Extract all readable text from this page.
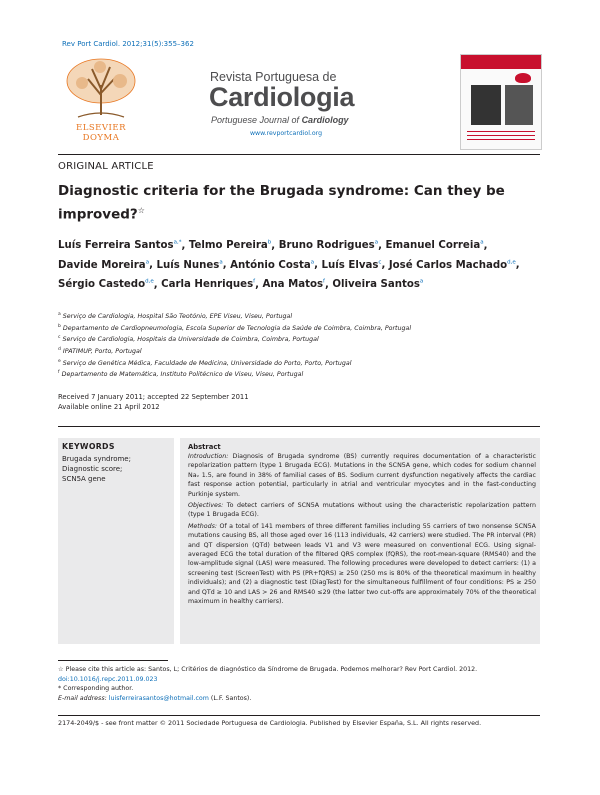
Rev Port Cardiol. 2012;31(5):355–362
ELSEVIER DOYMA
Revista Portuguesa de
Cardiologia
Portuguese Journal of Cardiology
www.revportcardiol.org
ORIGINAL ARTICLE
Diagnostic criteria for the Brugada syndrome: Can they be improved?☆
Luís Ferreira Santos$^{a,*}$, Telmo Pereira$^b$, Bruno Rodrigues$^a$, Emanuel Correia$^a$, Davide Moreira$^a$, Luís Nunes$^a$, António Costa$^a$, Luís Elvas$^c$, José Carlos Machado$^{d,e}$, Sérgio Castedo$^{d,e}$, Carla Henriques$^f$, Ana Matos$^f$, Oliveira Santos$^a$
$^a$ Serviço de Cardiologia, Hospital São Teotónio, EPE Viseu, Viseu, Portugal
$^b$ Departamento de Cardiopneumologia, Escola Superior de Tecnologia da Saúde de Coimbra, Coimbra, Portugal
$^c$ Serviço de Cardiologia, Hospitais da Universidade de Coimbra, Coimbra, Portugal
$^d$ IPATIMUP, Porto, Portugal
$^e$ Serviço de Genética Médica, Faculdade de Medicina, Universidade do Porto, Porto, Portugal
$^f$ Departamento de Matemática, Instituto Politécnico de Viseu, Viseu, Portugal
Received 7 January 2011; accepted 22 September 2011
Available online 21 April 2012
KEYWORDS
Brugada syndrome;
Diagnostic score;
SCN5A gene
Abstract

Introduction: Diagnosis of Brugada syndrome (BS) currently requires documentation of a characteristic repolarization pattern (type 1 Brugada ECG). Mutations in the SCN5A gene, which codes for sodium channel Naᵥ 1.5, are found in 38% of familial cases of BS. Sodium current dysfunction negatively affects the cardiac fast response action potential, particularly in atrial and ventricular myocytes and in the fast-conducting Purkinje system.

Objectives: To detect carriers of SCN5A mutations without using the characteristic repolarization pattern (type 1 Brugada ECG).

Methods: Of a total of 141 members of three different families including 55 carriers of two nonsense SCN5A mutations causing BS, all those aged over 16 (113 individuals, 42 carriers) were studied. The PR interval (PR) and QT dispersion (QTd) between leads V1 and V3 were measured on conventional ECG. Using signal-averaged ECG the total duration of the filtered QRS complex (fQRS), the root-mean-square (RMS40) and the low-amplitude signal (LAS) were measured. The following procedures were developed to detect carriers: (1) a screening test (ScreenTest) with PS (PR+fQRS) ≥ 250 (250 ms is 80% of the theoretical maximum in healthy individuals); and (2) a diagnostic test (DiagTest) for the simultaneous fulfillment of four conditions: PS ≥ 250 and QTd ≥ 10 and LAS > 26 and RMS40 ≤29 (the latter two cut-offs are approximately 70% of the theoretical maximum in healthy carriers).

☆ Please cite this article as: Santos, L; Critérios de diagnóstico da Síndrome de Brugada. Podemos melhorar? Rev Port Cardiol. 2012.
doi:10.1016/j.repc.2011.09.023
* Corresponding author.
E-mail address: luisferreirasantos@hotmail.com (L.F. Santos).
2174-2049/$ - see front matter © 2011 Sociedade Portuguesa de Cardiologia. Published by Elsevier España, S.L. All rights reserved.
